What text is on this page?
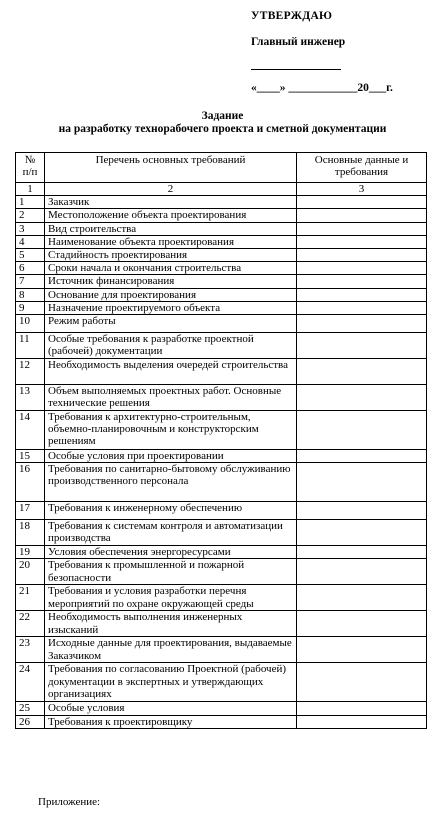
УТВЕРЖДАЮ
Главный инженер
«____» ____________20___г.
Задание
на разработку технорабочего проекта и сметной документации
№ п/п	Перечень основных требований	Основные данные и требования
1	2	3
1	Заказчик	
2	Местоположение объекта проектирования	
3	Вид строительства	
4	Наименование объекта проектирования	
5	Стадийность проектирования	
6	Сроки начала и окончания строительства	
7	Источник финансирования	
8	Основание для проектирования	
9	Назначение проектируемого объекта	
10	Режим работы	
11	Особые требования к разработке проектной (рабочей) документации	
12	Необходимость выделения очередей строительства	
13	Объем выполняемых проектных работ. Основные технические решения	
14	Требования к архитектурно-строительным, объемно-планировочным и конструкторским решениям	
15	Особые условия при проектировании	
16	Требования по санитарно-бытовому обслуживанию производственного персонала	
17	Требования к инженерному обеспечению	
18	Требования к системам контроля и автоматизации производства	
19	Условия обеспечения энергоресурсами	
20	Требования к промышленной и пожарной безопасности	
21	Требования и условия разработки перечня мероприятий по охране окружающей среды	
22	Необходимость выполнения инженерных изысканий	
23	Исходные данные для проектирования, выдаваемые Заказчиком	
24	Требования по согласованию Проектной (рабочей) документации в экспертных и утверждающих организациях	
25	Особые условия	
26	Требования к проектировщику	
Приложение:
